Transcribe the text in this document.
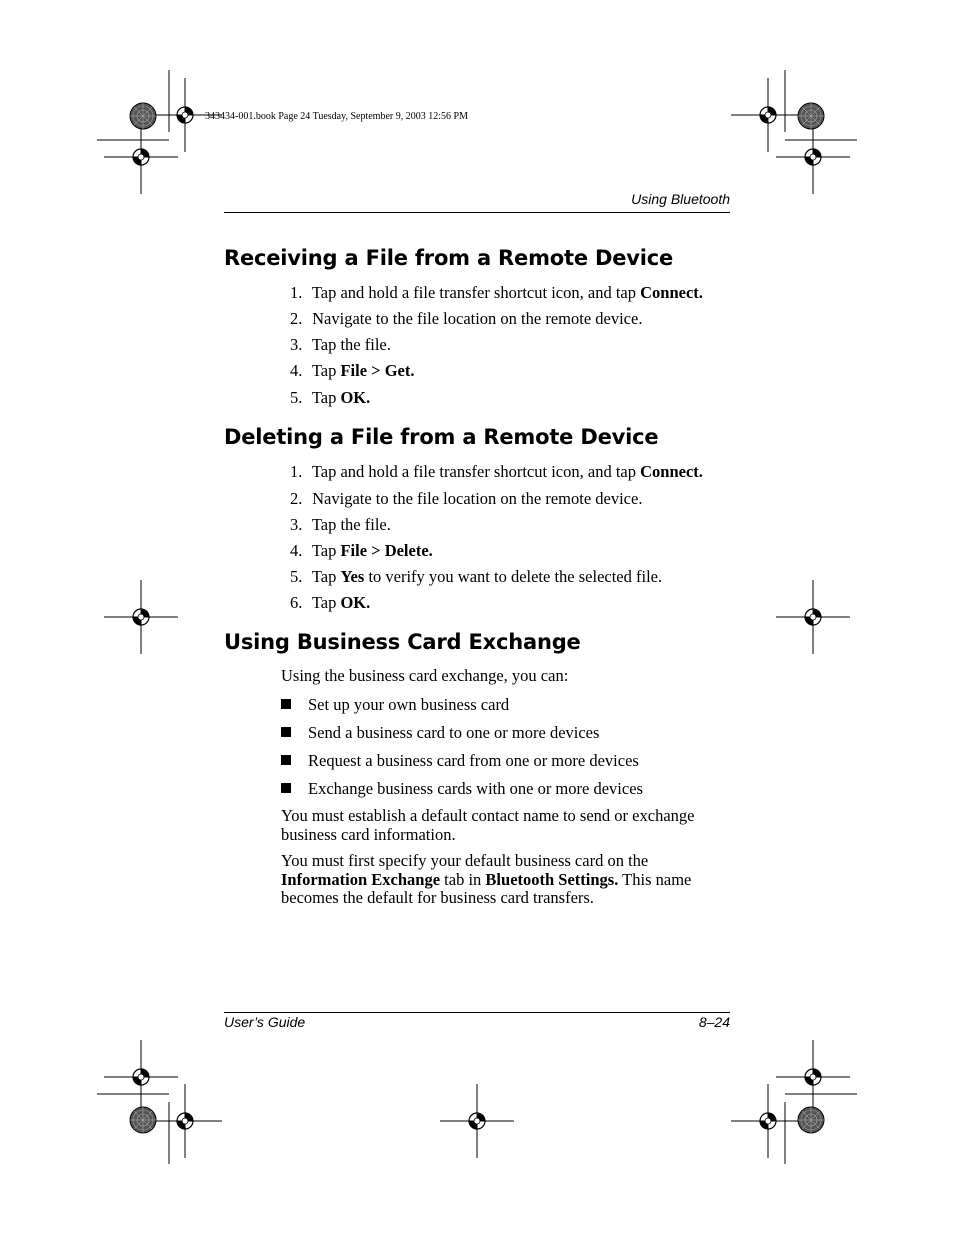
343434-001.book Page 24 Tuesday, September 9, 2003 12:56 PM
Using Bluetooth
Receiving a File from a Remote Device
1. Tap and hold a file transfer shortcut icon, and tap Connect.
2. Navigate to the file location on the remote device.
3. Tap the file.
4. Tap File > Get.
5. Tap OK.
Deleting a File from a Remote Device
1. Tap and hold a file transfer shortcut icon, and tap Connect.
2. Navigate to the file location on the remote device.
3. Tap the file.
4. Tap File > Delete.
5. Tap Yes to verify you want to delete the selected file.
6. Tap OK.
Using Business Card Exchange
Using the business card exchange, you can:
Set up your own business card
Send a business card to one or more devices
Request a business card from one or more devices
Exchange business cards with one or more devices
You must establish a default contact name to send or exchange business card information.
You must first specify your default business card on the Information Exchange tab in Bluetooth Settings. This name becomes the default for business card transfers.
User’s Guide	8–24
